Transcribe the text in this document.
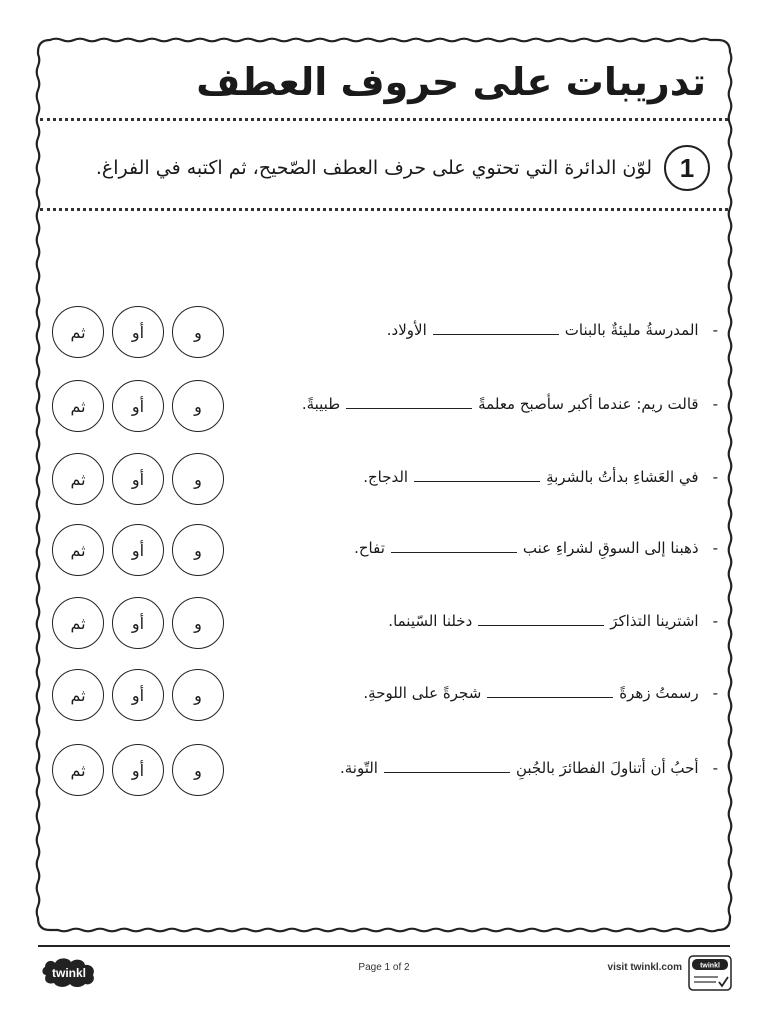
تدريبات على حروف العطف
1
لوّن الدائرة التي تحتوي على حرف العطف الصّحيح، ثم اكتبه في الفراغ.
-المدرسةُ مليئةٌ بالبناتالأولاد.
و
أو
ثم
-قالت ريم: عندما أكبر سأصبح معلمةًطبيبةً.
و
أو
ثم
-في العَشاءِ بدأتُ بالشربةِالدجاج.
و
أو
ثم
-ذهبنا إلى السوقِ لشراءِ عنبتفاح.
و
أو
ثم
-اشترينا التذاكرَدخلنا السّينما.
و
أو
ثم
-رسمتُ زهرةًشجرةً على اللوحةِ.
و
أو
ثم
-أحبُ أن أتناولَ الفطائرَ بالجُبنِالتّونة.
و
أو
ثم
twinkl	Page 1 of 2	visit twinkl.com	twinkl
